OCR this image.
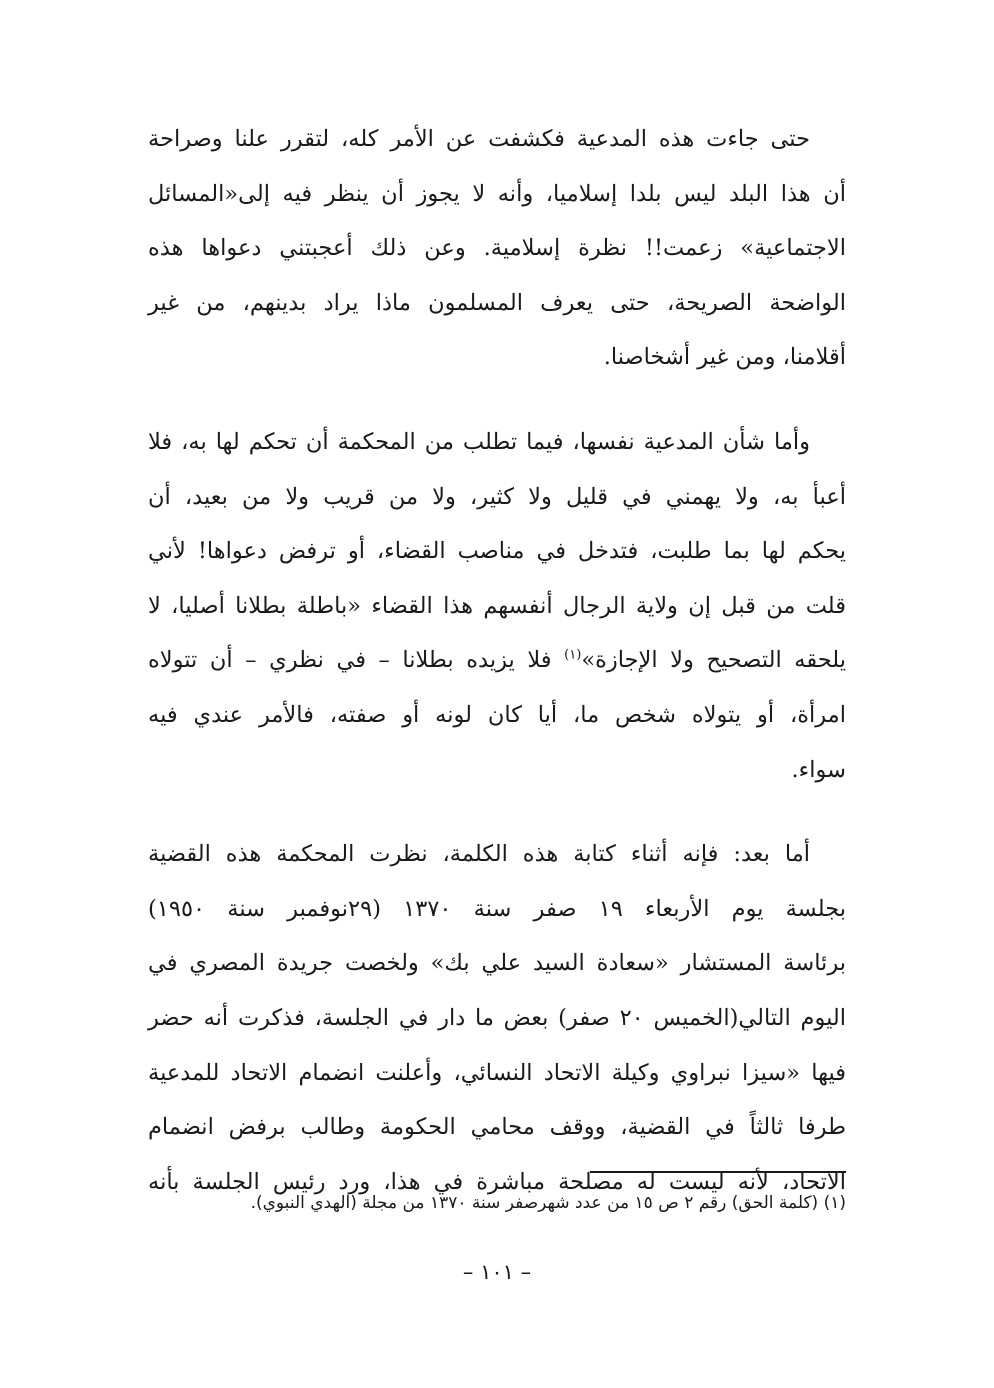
حتى جاءت هذه المدعية فكشفت عن الأمر كله، لتقرر علنا وصراحة
أن هذا البلد ليس بلدا إسلاميا، وأنه لا يجوز أن ينظر فيه إلى«المسائل
الاجتماعية» زعمت!! نظرة إسلامية. وعن ذلك أعجبتني دعواها هذه
الواضحة الصريحة، حتى يعرف المسلمون ماذا يراد بدينهم، من غير
أقلامنا، ومن غير أشخاصنا.
وأما شأن المدعية نفسها، فيما تطلب من المحكمة أن تحكم لها به، فلا
أعبأ به، ولا يهمني في قليل ولا كثير، ولا من قريب ولا من بعيد، أن
يحكم لها بما طلبت، فتدخل في مناصب القضاء، أو ترفض دعواها! لأني
قلت من قبل إن ولاية الرجال أنفسهم هذا القضاء «باطلة بطلانا أصليا، لا
يلحقه التصحيح ولا الإجازة»$^{(١)}$ فلا يزيده بطلانا – في نظري – أن تتولاه
امرأة، أو يتولاه شخص ما، أيا كان لونه أو صفته، فالأمر عندي فيه
سواء.
أما بعد: فإنه أثناء كتابة هذه الكلمة، نظرت المحكمة هذه القضية
بجلسة يوم الأربعاء ١٩ صفر سنة ١٣٧٠ (٢٩نوفمبر سنة ١٩٥٠)
برئاسة المستشار «سعادة السيد علي بك» ولخصت جريدة المصري في
اليوم التالي(الخميس ٢٠ صفر) بعض ما دار في الجلسة، فذكرت أنه حضر
فيها «سيزا نبراوي وكيلة الاتحاد النسائي، وأعلنت انضمام الاتحاد للمدعية
طرفا ثالثاً في القضية، ووقف محامي الحكومة وطالب برفض انضمام
الاتحاد، لأنه ليست له مصلحة مباشرة في هذا، ورد رئيس الجلسة بأنه
(١) (كلمة الحق) رقم ٢ ص ١٥ من عدد شهرصفر سنة ١٣٧٠ من مجلة (الهدي النبوي).
– ١٠١ –
